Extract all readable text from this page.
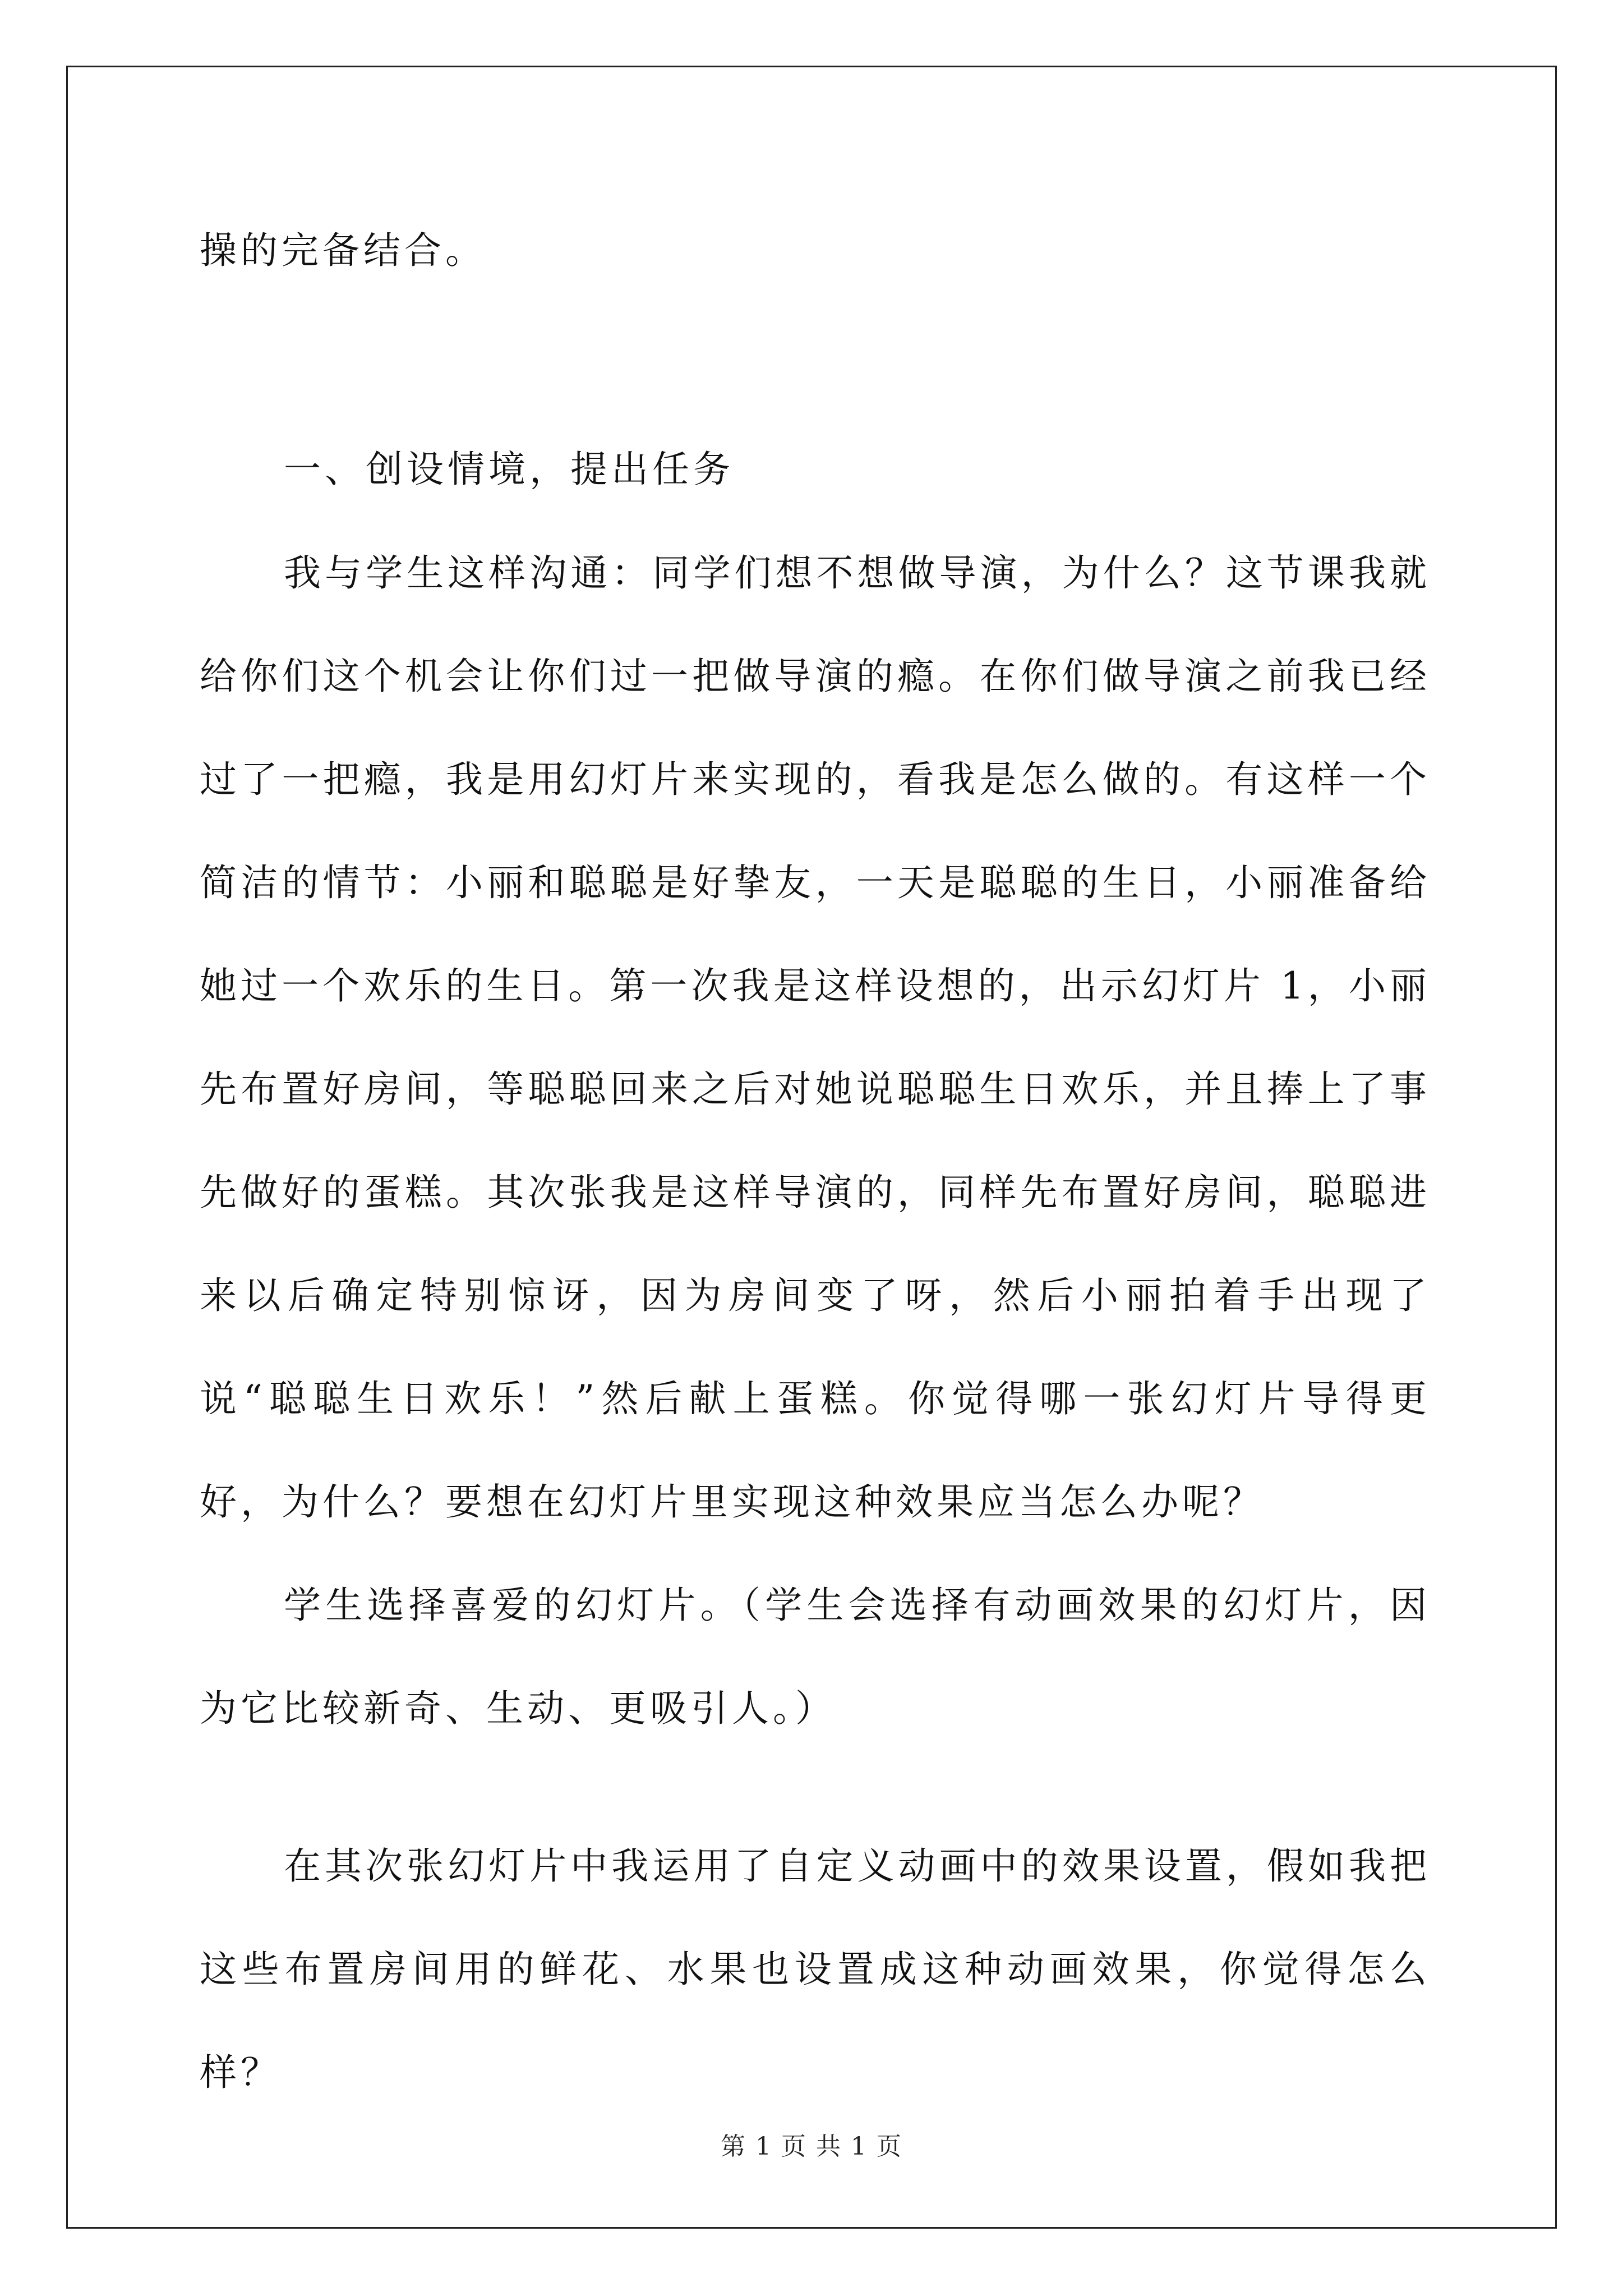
操的完备结合。
一、创设情境，提出任务
我与学生这样沟通：同学们想不想做导演，为什么？这节课我就给你们这个机会让你们过一把做导演的瘾。在你们做导演之前我已经过了一把瘾，我是用幻灯片来实现的，看我是怎么做的。有这样一个简洁的情节：小丽和聪聪是好挚友，一天是聪聪的生日，小丽准备给她过一个欢乐的生日。第一次我是这样设想的，出示幻灯片 1，小丽先布置好房间，等聪聪回来之后对她说聪聪生日欢乐，并且捧上了事先做好的蛋糕。其次张我是这样导演的，同样先布置好房间，聪聪进来以后确定特别惊讶，因为房间变了呀，然后小丽拍着手出现了说“聪聪生日欢乐！”然后献上蛋糕。你觉得哪一张幻灯片导得更好，为什么？要想在幻灯片里实现这种效果应当怎么办呢？
学生选择喜爱的幻灯片。（学生会选择有动画效果的幻灯片，因为它比较新奇、生动、更吸引人。）
在其次张幻灯片中我运用了自定义动画中的效果设置，假如我把这些布置房间用的鲜花、水果也设置成这种动画效果，你觉得怎么样？
第 1 页 共 1 页
